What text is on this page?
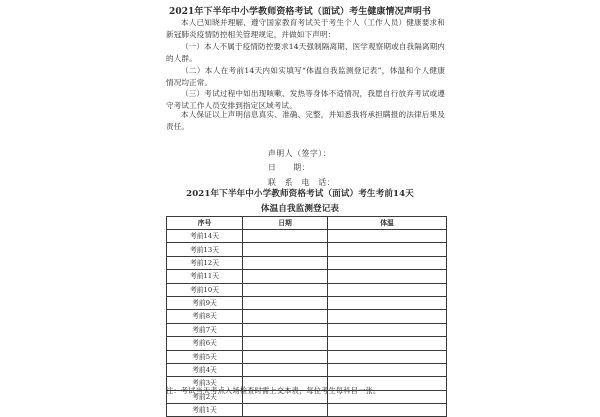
2021年下半年中小学教师资格考试（面试）考生健康情况声明书
本人已知晓并理解、遵守国家教育考试关于考生个人（工作人员）健康要求和新冠肺炎疫情防控相关管理规定，并做如下声明：
（一）本人不属于疫情防控要求14天强制隔离期、医学观察期或自我隔离期内的人群。
（二）本人在考前14天内如实填写“体温自我监测登记表”，体温和个人健康情况均正常。
（三）考试过程中如出现咳嗽、发热等身体不适情况，我愿自行放弃考试或遵守考试工作人员安排到指定区域考试。
本人保证以上声明信息真实、准确、完整，并知悉我将承担瞒报的法律后果及责任。
声明人（签字）：
日　　期：
联　系　电　话：
2021年下半年中小学教师资格考试（面试）考生考前14天
体温自我监测登记表
序号	日期	体温
考前14天		
考前13天		
考前12天		
考前11天		
考前10天		
考前9天		
考前8天		
考前7天		
考前6天		
考前5天		
考前4天		
考前3天		
考前2天		
考前1天		
注：考试当天考点入场检查时需上交本表，每位考生每科目一张。
